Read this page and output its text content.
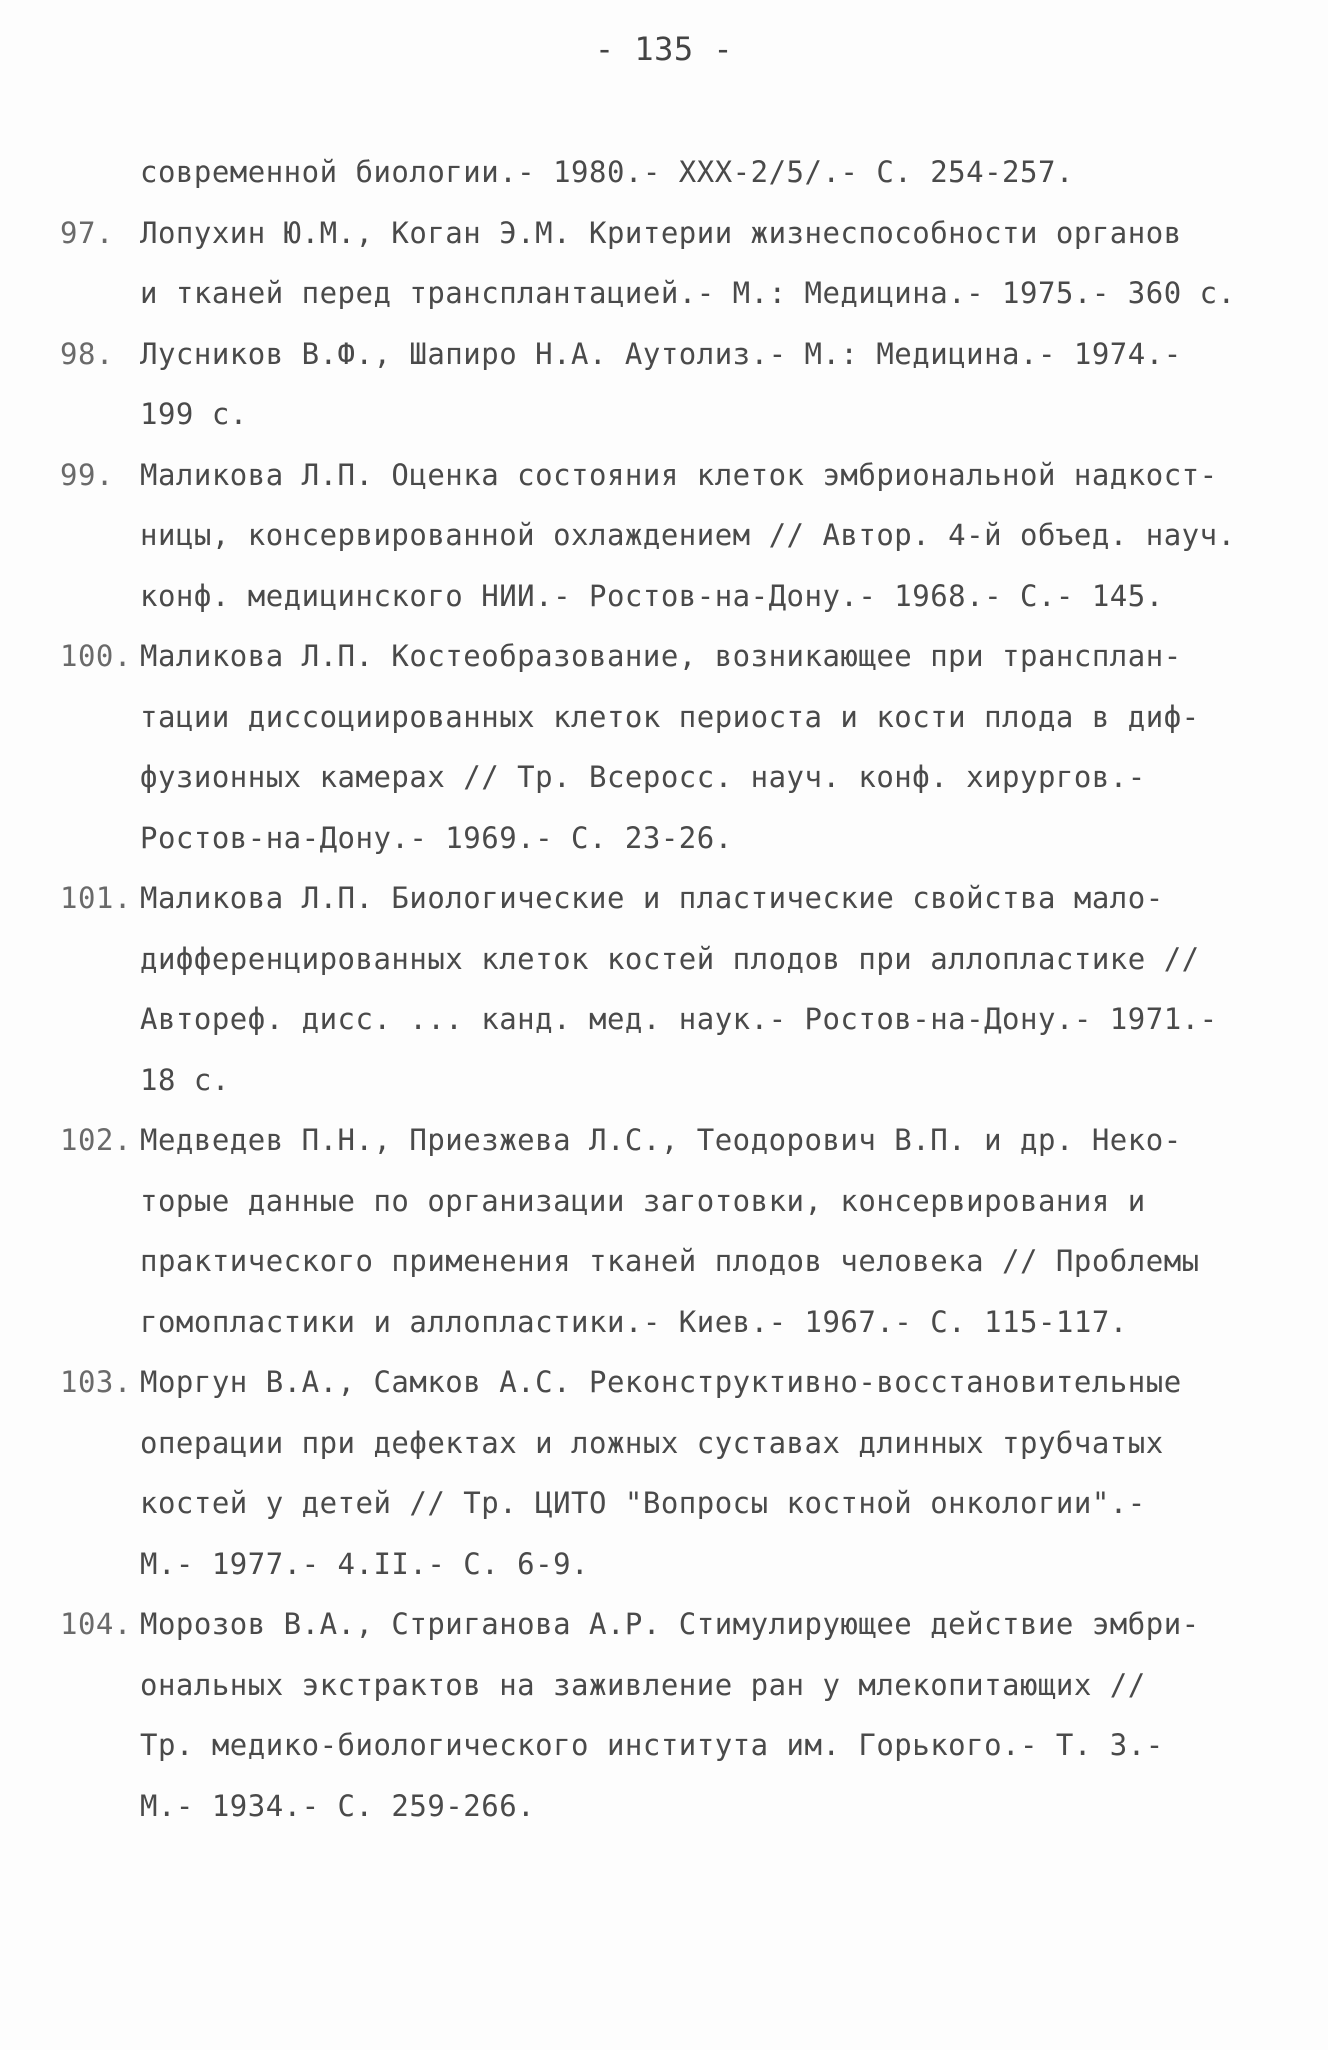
- 135 -
современной биологии.- 1980.- XXX-2/5/.- С. 254-257.
97. Лопухин Ю.М., Коган Э.М. Критерии жизнеспособности органов
и тканей перед трансплантацией.- М.: Медицина.- 1975.- 360 с.
98. Лусников В.Ф., Шапиро Н.А. Аутолиз.- М.: Медицина.- 1974.-
199 с.
99. Маликова Л.П. Оценка состояния клеток эмбриональной надкост-
ницы, консервированной охлаждением // Автор. 4-й объед. науч.
конф. медицинского НИИ.- Ростов-на-Дону.- 1968.- С.- 145.
100. Маликова Л.П. Костеобразование, возникающее при трансплан-
тации диссоциированных клеток периоста и кости плода в диф-
фузионных камерах // Тр. Всеросс. науч. конф. хирургов.-
Ростов-на-Дону.- 1969.- С. 23-26.
101. Маликова Л.П. Биологические и пластические свойства мало-
дифференцированных клеток костей плодов при аллопластике //
Автореф. дисс. ... канд. мед. наук.- Ростов-на-Дону.- 1971.-
18 с.
102. Медведев П.Н., Приезжева Л.С., Теодорович В.П. и др. Неко-
торые данные по организации заготовки, консервирования и
практического применения тканей плодов человека // Проблемы
гомопластики и аллопластики.- Киев.- 1967.- С. 115-117.
103. Моргун В.А., Самков А.С. Реконструктивно-восстановительные
операции при дефектах и ложных суставах длинных трубчатых
костей у детей // Тр. ЦИТО "Вопросы костной онкологии".-
М.- 1977.- 4.II.- С. 6-9.
104. Морозов В.А., Стриганова А.Р. Стимулирующее действие эмбри-
ональных экстрактов на заживление ран у млекопитающих //
Тр. медико-биологического института им. Горького.- Т. 3.-
М.- 1934.- С. 259-266.
